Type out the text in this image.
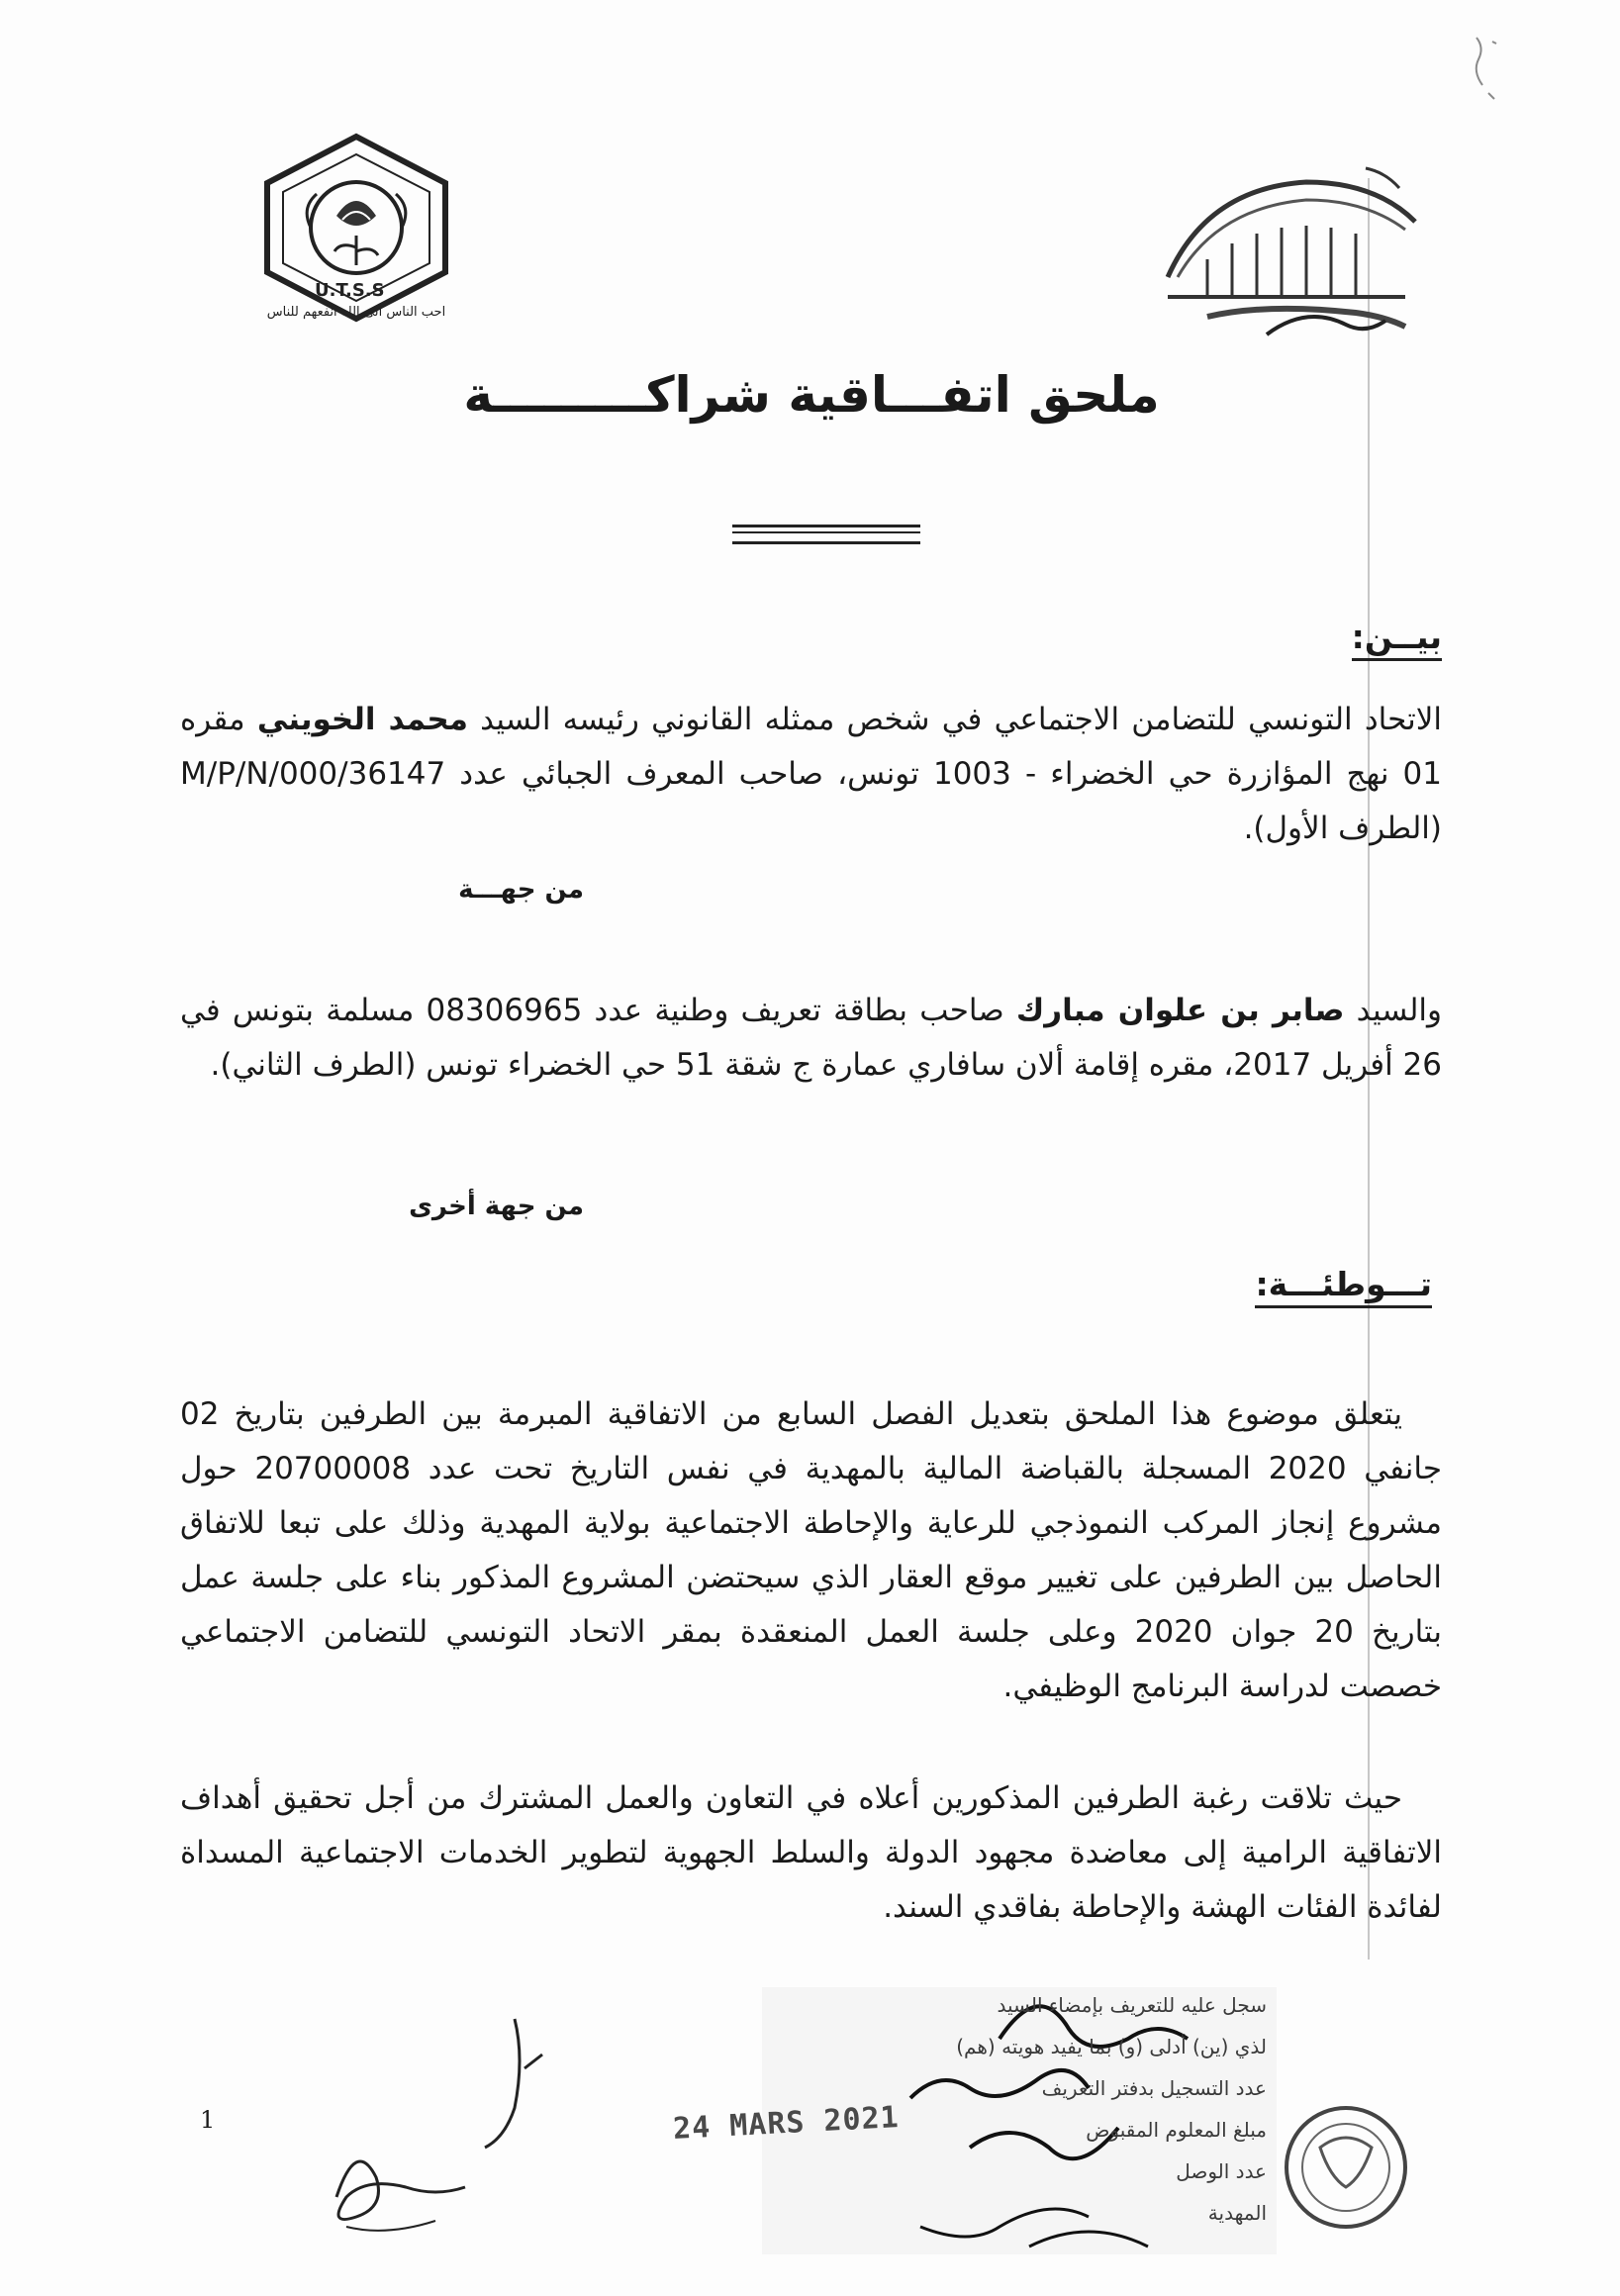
U.T.S.S
احب الناس الى الله انفعهم للناس
ملحق اتفـــاقية شراكـــــــــة
بيــن:
الاتحاد التونسي للتضامن الاجتماعي في شخص ممثله القانوني رئيسه السيد محمد الخويني مقره 01 نهج المؤازرة حي الخضراء - 1003 تونس، صاحب المعرف الجبائي عدد 36147/M/P/N/000 (الطرف الأول).
من جهـــة
والسيد صابر بن علوان مبارك صاحب بطاقة تعريف وطنية عدد 08306965 مسلمة بتونس في 26 أفريل 2017، مقره إقامة ألان سافاري عمارة ج شقة 51 حي الخضراء تونس (الطرف الثاني).
من جهة أخرى
تـــوطئـــة:
يتعلق موضوع هذا الملحق بتعديل الفصل السابع من الاتفاقية المبرمة بين الطرفين بتاريخ 02 جانفي 2020 المسجلة بالقباضة المالية بالمهدية في نفس التاريخ تحت عدد 20700008 حول مشروع إنجاز المركب النموذجي للرعاية والإحاطة الاجتماعية بولاية المهدية وذلك على تبعا للاتفاق الحاصل بين الطرفين على تغيير موقع العقار الذي سيحتضن المشروع المذكور بناء على جلسة عمل بتاريخ 20 جوان 2020 وعلى جلسة العمل المنعقدة بمقر الاتحاد التونسي للتضامن الاجتماعي خصصت لدراسة البرنامج الوظيفي.
حيث تلاقت رغبة الطرفين المذكورين أعلاه في التعاون والعمل المشترك من أجل تحقيق أهداف الاتفاقية الرامية إلى معاضدة مجهود الدولة والسلط الجهوية لتطوير الخدمات الاجتماعية المسداة لفائدة الفئات الهشة والإحاطة بفاقدي السند.
سجل عليه للتعريف بإمضاء السيد
لذي (ين) أدلى (و) بما يفيد هويته (هم)
عدد التسجيل بدفتر التعريف
مبلغ المعلوم المقبوض
عدد الوصل
المهدية
24 MARS 2021
1
